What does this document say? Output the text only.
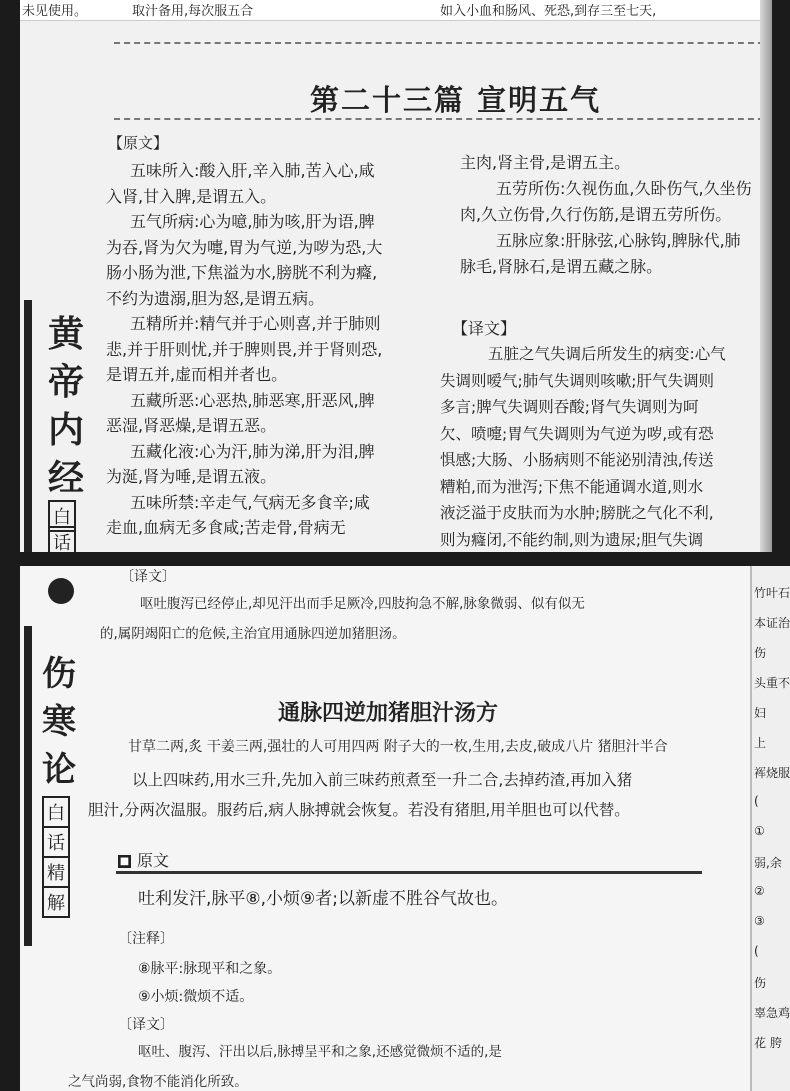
未见使用。	取汁备用,每次服五合	如入小血和肠风、死恐,到存三至七天,
第二十三篇 宣明五气
【原文】
五味所入:酸入肝,辛入肺,苦入心,咸
入肾,甘入脾,是谓五入。
五气所病:心为噫,肺为咳,肝为语,脾
为吞,肾为欠为嚏,胃为气逆,为哕为恐,大
肠小肠为泄,下焦溢为水,膀胱不利为癃,
不约为遗溺,胆为怒,是谓五病。
五精所并:精气并于心则喜,并于肺则
悲,并于肝则忧,并于脾则畏,并于肾则恐,
是谓五并,虚而相并者也。
五藏所恶:心恶热,肺恶寒,肝恶风,脾
恶湿,肾恶燥,是谓五恶。
五藏化液:心为汗,肺为涕,肝为泪,脾
为涎,肾为唾,是谓五液。
五味所禁:辛走气,气病无多食辛;咸
走血,血病无多食咸;苦走骨,骨病无
主肉,肾主骨,是谓五主。
五劳所伤:久视伤血,久卧伤气,久坐伤
肉,久立伤骨,久行伤筋,是谓五劳所伤。
五脉应象:肝脉弦,心脉钩,脾脉代,肺
脉毛,肾脉石,是谓五藏之脉。
【译文】
五脏之气失调后所发生的病变:心气
失调则嗳气;肺气失调则咳嗽;肝气失调则
多言;脾气失调则吞酸;肾气失调则为呵
欠、喷嚏;胃气失调则为气逆为哕,或有恐
惧感;大肠、小肠病则不能泌别清浊,传送
糟粕,而为泄泻;下焦不能通调水道,则水
液泛溢于皮肤而为水肿;膀胱之气化不利,
则为癃闭,不能约制,则为遗尿;胆气失调
黄
帝
内
经
白
话
伤
寒
论
白
话
精
解
〔译文〕
呕吐腹泻已经停止,却见汗出而手足厥冷,四肢拘急不解,脉象微弱、似有似无
的,属阴竭阳亡的危候,主治宜用通脉四逆加猪胆汤。
通脉四逆加猪胆汁汤方
甘草二两,炙 干姜三两,强壮的人可用四两 附子大的一枚,生用,去皮,破成八片 猪胆汁半合
以上四味药,用水三升,先加入前三味药煎煮至一升二合,去掉药渣,再加入猪
胆汁,分两次温服。服药后,病人脉搏就会恢复。若没有猪胆,用羊胆也可以代替。
■ 原文
吐利发汗,脉平⑧,小烦⑨者;以新虚不胜谷气故也。
〔注释〕
⑧脉平:脉现平和之象。
⑨小烦:微烦不适。
〔译文〕
呕吐、腹泻、汗出以后,脉搏呈平和之象,还感觉微烦不适的,是
之气尚弱,食物不能消化所致。
竹叶石
本证治
伤
头重不
妇
上
裈烧服
(
①
弱,余
②
③
(
伤
辜急鸡
花 胯
